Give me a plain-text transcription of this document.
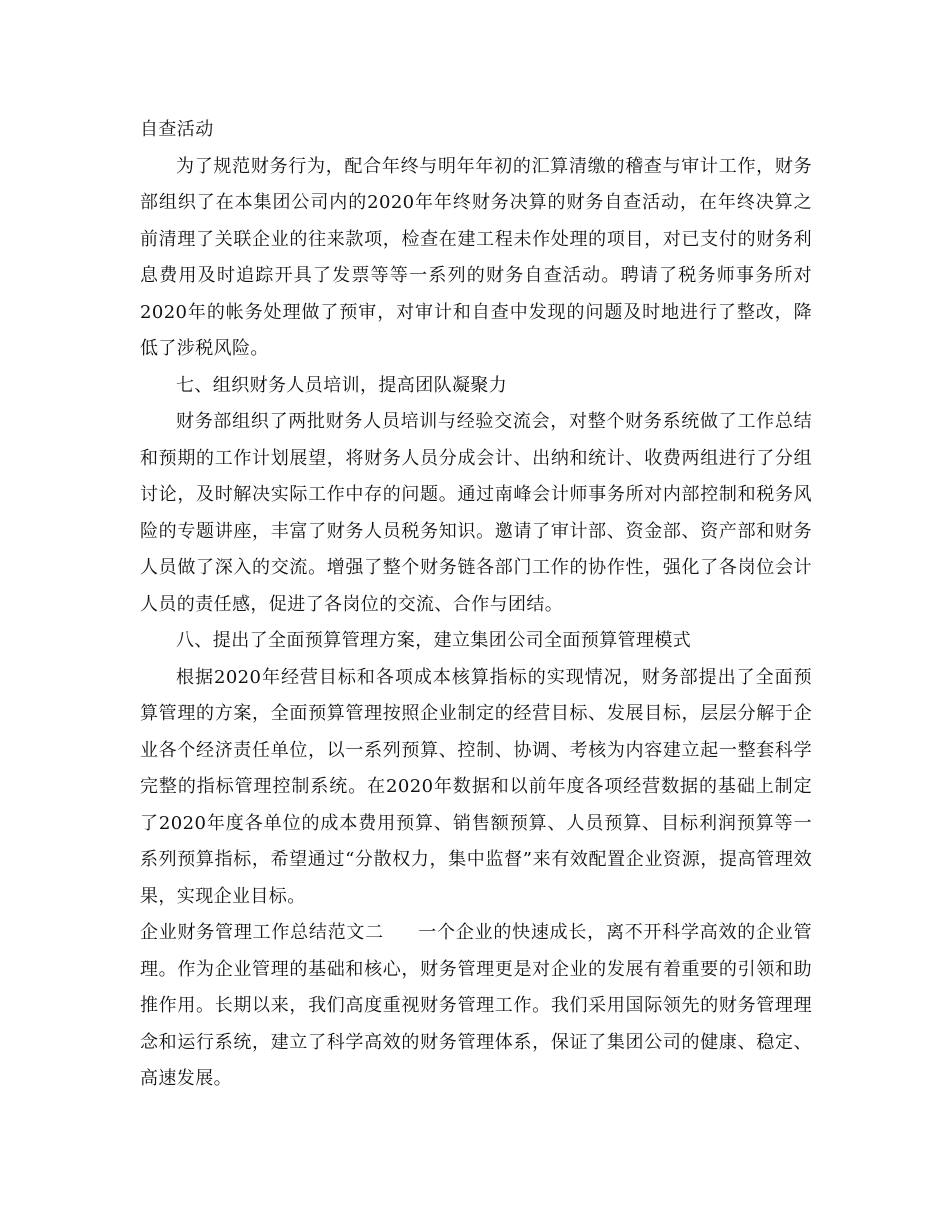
自查活动

为了规范财务行为，配合年终与明年年初的汇算清缴的稽查与审计工作，财务部组织了在本集团公司内的2020年年终财务决算的财务自查活动，在年终决算之前清理了关联企业的往来款项，检查在建工程未作处理的项目，对已支付的财务利息费用及时追踪开具了发票等等一系列的财务自查活动。聘请了税务师事务所对2020年的帐务处理做了预审，对审计和自查中发现的问题及时地进行了整改，降低了涉税风险。

七、组织财务人员培训，提高团队凝聚力

财务部组织了两批财务人员培训与经验交流会，对整个财务系统做了工作总结和预期的工作计划展望，将财务人员分成会计、出纳和统计、收费两组进行了分组讨论，及时解决实际工作中存的问题。通过南峰会计师事务所对内部控制和税务风险的专题讲座，丰富了财务人员税务知识。邀请了审计部、资金部、资产部和财务人员做了深入的交流。增强了整个财务链各部门工作的协作性，强化了各岗位会计人员的责任感，促进了各岗位的交流、合作与团结。

八、提出了全面预算管理方案，建立集团公司全面预算管理模式

根据2020年经营目标和各项成本核算指标的实现情况，财务部提出了全面预算管理的方案，全面预算管理按照企业制定的经营目标、发展目标，层层分解于企业各个经济责任单位，以一系列预算、控制、协调、考核为内容建立起一整套科学完整的指标管理控制系统。在2020年数据和以前年度各项经营数据的基础上制定了2020年度各单位的成本费用预算、销售额预算、人员预算、目标利润预算等一系列预算指标，希望通过“分散权力，集中监督”来有效配置企业资源，提高管理效果，实现企业目标。

企业财务管理工作总结范文二 一个企业的快速成长，离不开科学高效的企业管理。作为企业管理的基础和核心，财务管理更是对企业的发展有着重要的引领和助推作用。长期以来，我们高度重视财务管理工作。我们采用国际领先的财务管理理念和运行系统，建立了科学高效的财务管理体系，保证了集团公司的健康、稳定、高速发展。
